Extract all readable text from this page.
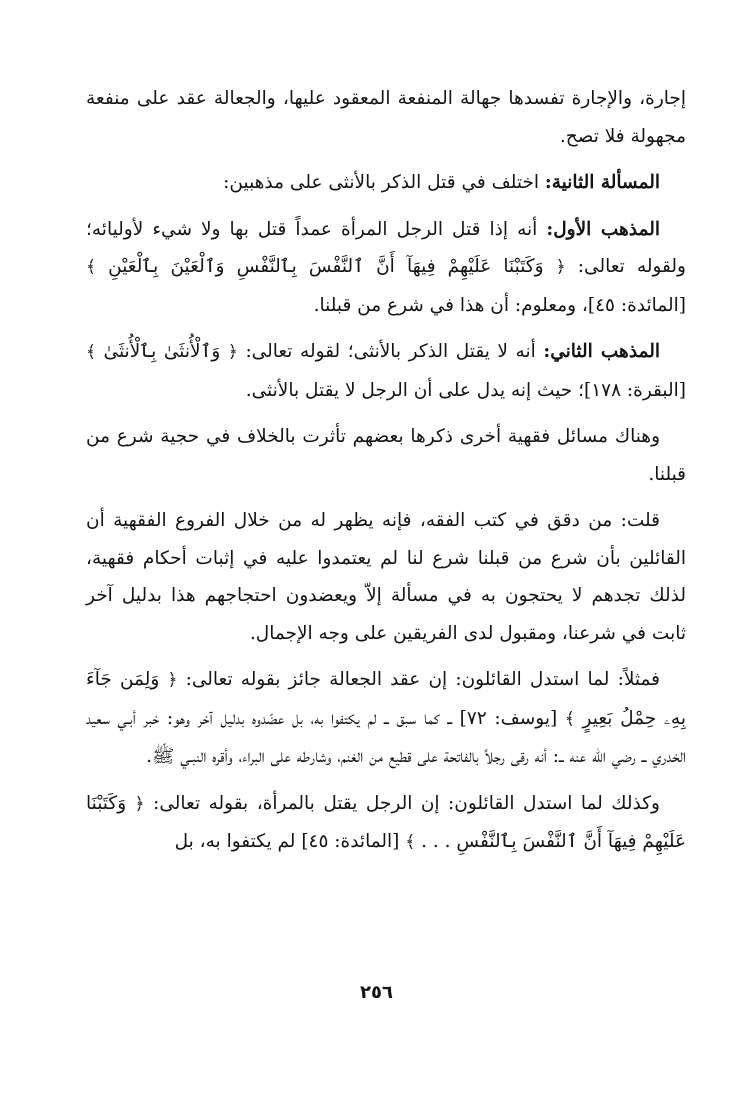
إجارة، والإجارة تفسدها جهالة المنفعة المعقود عليها، والجعالة عقد على منفعة مجهولة فلا تصح.

المسألة الثانية: اختلف في قتل الذكر بالأنثى على مذهبين:

المذهب الأول: أنه إذا قتل الرجل المرأة عمداً قتل بها ولا شيء لأوليائه؛ ولقوله تعالى: ﴿ وَكَتَبْنَا عَلَيْهِمْ فِيهَآ أَنَّ ٱلنَّفْسَ بِٱلنَّفْسِ وَٱلْعَيْنَ بِٱلْعَيْنِ ﴾ [المائدة: ٤٥]، ومعلوم: أن هذا في شرع من قبلنا.

المذهب الثاني: أنه لا يقتل الذكر بالأنثى؛ لقوله تعالى: ﴿ وَٱلْأُنثَىٰ بِٱلْأُنثَىٰ ﴾ [البقرة: ١٧٨]؛ حيث إنه يدل على أن الرجل لا يقتل بالأنثى.

وهناك مسائل فقهية أخرى ذكرها بعضهم تأثرت بالخلاف في حجية شرع من قبلنا.

قلت: من دقق في كتب الفقه، فإنه يظهر له من خلال الفروع الفقهية أن القائلين بأن شرع من قبلنا شرع لنا لم يعتمدوا عليه في إثبات أحكام فقهية، لذلك تجدهم لا يحتجون به في مسألة إلاّ ويعضدون احتجاجهم هذا بدليل آخر ثابت في شرعنا، ومقبول لدى الفريقين على وجه الإجمال.

فمثلاً: لما استدل القائلون: إن عقد الجعالة جائز بقوله تعالى: ﴿ وَلِمَن جَآءَ بِهِۦ حِمْلُ بَعِيرٍ ﴾ [يوسف: ٧٢] ــ كما سبق ــ لم يكتفوا به، بل عضّدوه بدليل آخر وهو: خبر أبـي سعيد الخدري ــ رضي الله عنه ــ: أنه رقى رجلاً بالفاتحة على قطيع من الغنم، وشارطه على البراء، وأقره النبـي ﷺ.

وكذلك لما استدل القائلون: إن الرجل يقتل بالمرأة، بقوله تعالى: ﴿ وَكَتَبْنَا عَلَيْهِمْ فِيهَآ أَنَّ ٱلنَّفْسَ بِٱلنَّفْسِ . . . ﴾ [المائدة: ٤٥] لم يكتفوا به، بل

٢٥٦
